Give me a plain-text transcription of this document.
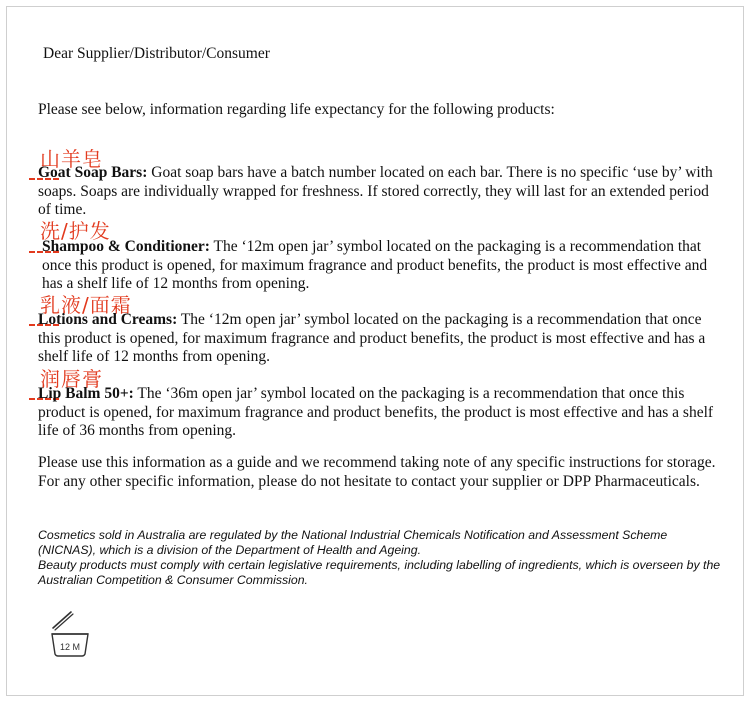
Dear Supplier/Distributor/Consumer
Please see below, information regarding life expectancy for the following products:
山羊皂
Goat Soap Bars: Goat soap bars have a batch number located on each bar. There is no specific ‘use by’ with soaps. Soaps are individually wrapped for freshness. If stored correctly, they will last for an extended period of time.
洗/护发
Shampoo & Conditioner: The ‘12m open jar’ symbol located on the packaging is a recommendation that once this product is opened, for maximum fragrance and product benefits, the product is most effective and has a shelf life of 12 months from opening.
乳液/面霜
Lotions and Creams: The ‘12m open jar’ symbol located on the packaging is a recommendation that once this product is opened, for maximum fragrance and product benefits, the product is most effective and has a shelf life of 12 months from opening.
润唇膏
Lip Balm 50+: The ‘36m open jar’ symbol located on the packaging is a recommendation that once this product is opened, for maximum fragrance and product benefits, the product is most effective and has a shelf life of 36 months from opening.
Please use this information as a guide and we recommend taking note of any specific instructions for storage. For any other specific information, please do not hesitate to contact your supplier or DPP Pharmaceuticals.
Cosmetics sold in Australia are regulated by the National Industrial Chemicals Notification and Assessment Scheme (NICNAS), which is a division of the Department of Health and Ageing.
Beauty products must comply with certain legislative requirements, including labelling of ingredients, which is overseen by the Australian Competition & Consumer Commission.
12 M
